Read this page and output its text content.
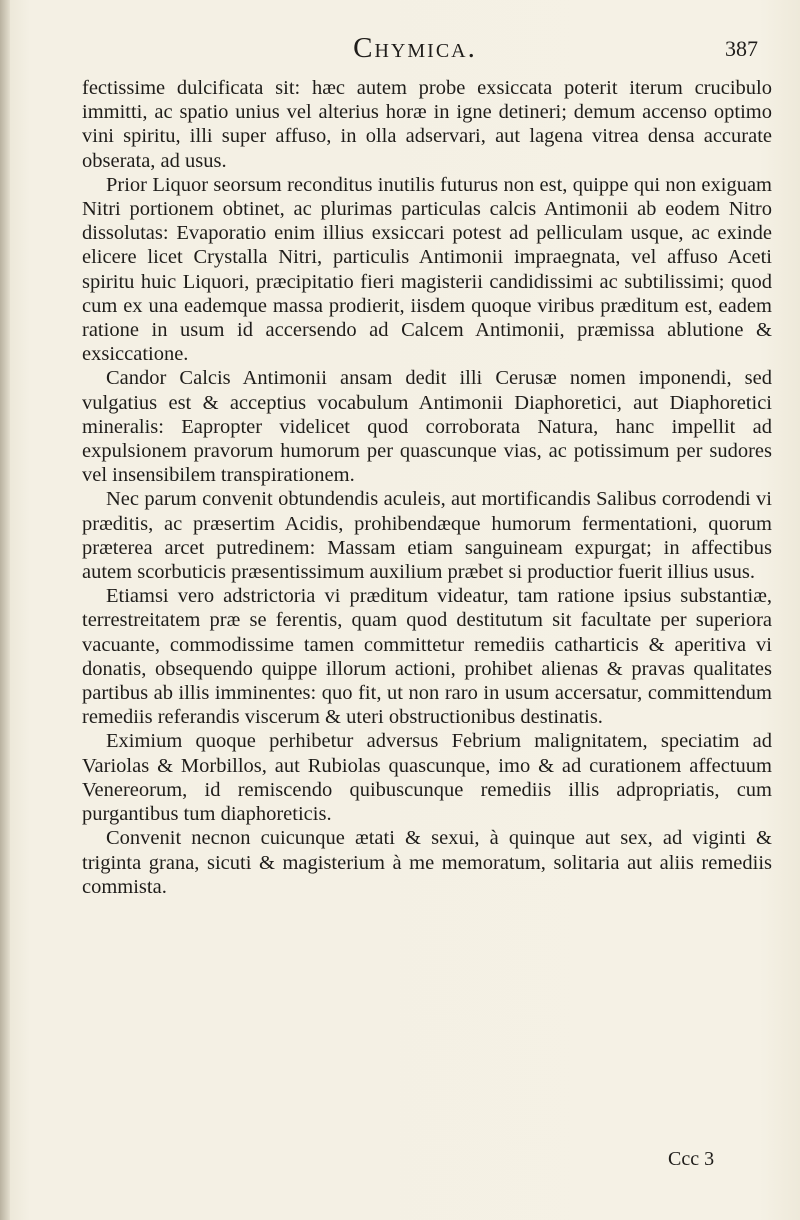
Chymica.	387

fectissime dulcificata sit: hæc autem probe exsiccata poterit iterum crucibulo immitti, ac spatio unius vel alterius horæ in igne detineri; demum accenso optimo vini spiritu, illi super affuso, in olla adservari, aut lagena vitrea densa accurate obserata, ad usus.

Prior Liquor seorsum reconditus inutilis futurus non est, quippe qui non exiguam Nitri portionem obtinet, ac plurimas particulas calcis Antimonii ab eodem Nitro dissolutas: Evaporatio enim illius exsiccari potest ad pelliculam usque, ac exinde elicere licet Crystalla Nitri, particulis Antimonii impraegnata, vel affuso Aceti spiritu huic Liquori, præcipitatio fieri magisterii candidissimi ac subtilissimi; quod cum ex una eademque massa prodierit, iisdem quoque viribus præditum est, eadem ratione in usum id accersendo ad Calcem Antimonii, præmissa ablutione & exsiccatione.

Candor Calcis Antimonii ansam dedit illi Cerusæ nomen imponendi, sed vulgatius est & acceptius vocabulum Antimonii Diaphoretici, aut Diaphoretici mineralis: Eapropter videlicet quod corroborata Natura, hanc impellit ad expulsionem pravorum humorum per quascunque vias, ac potissimum per sudores vel insensibilem transpirationem.

Nec parum convenit obtundendis aculeis, aut mortificandis Salibus corrodendi vi præditis, ac præsertim Acidis, prohibendæque humorum fermentationi, quorum præterea arcet putredinem: Massam etiam sanguineam expurgat; in affectibus autem scorbuticis præsentissimum auxilium præbet si productior fuerit illius usus.

Etiamsi vero adstrictoria vi præditum videatur, tam ratione ipsius substantiæ, terrestreitatem præ se ferentis, quam quod destitutum sit facultate per superiora vacuante, commodissime tamen committetur remediis catharticis & aperitiva vi donatis, obsequendo quippe illorum actioni, prohibet alienas & pravas qualitates partibus ab illis imminentes: quo fit, ut non raro in usum accersatur, committendum remediis referandis viscerum & uteri obstructionibus destinatis.

Eximium quoque perhibetur adversus Febrium malignitatem, speciatim ad Variolas & Morbillos, aut Rubiolas quascunque, imo & ad curationem affectuum Venereorum, id remiscendo quibuscunque remediis illis adpropriatis, cum purgantibus tum diaphoreticis.

Convenit necnon cuicunque ætati & sexui, à quinque aut sex, ad viginti & triginta grana, sicuti & magisterium à me memoratum, solitaria aut aliis remediis commista.

Ccc 3
